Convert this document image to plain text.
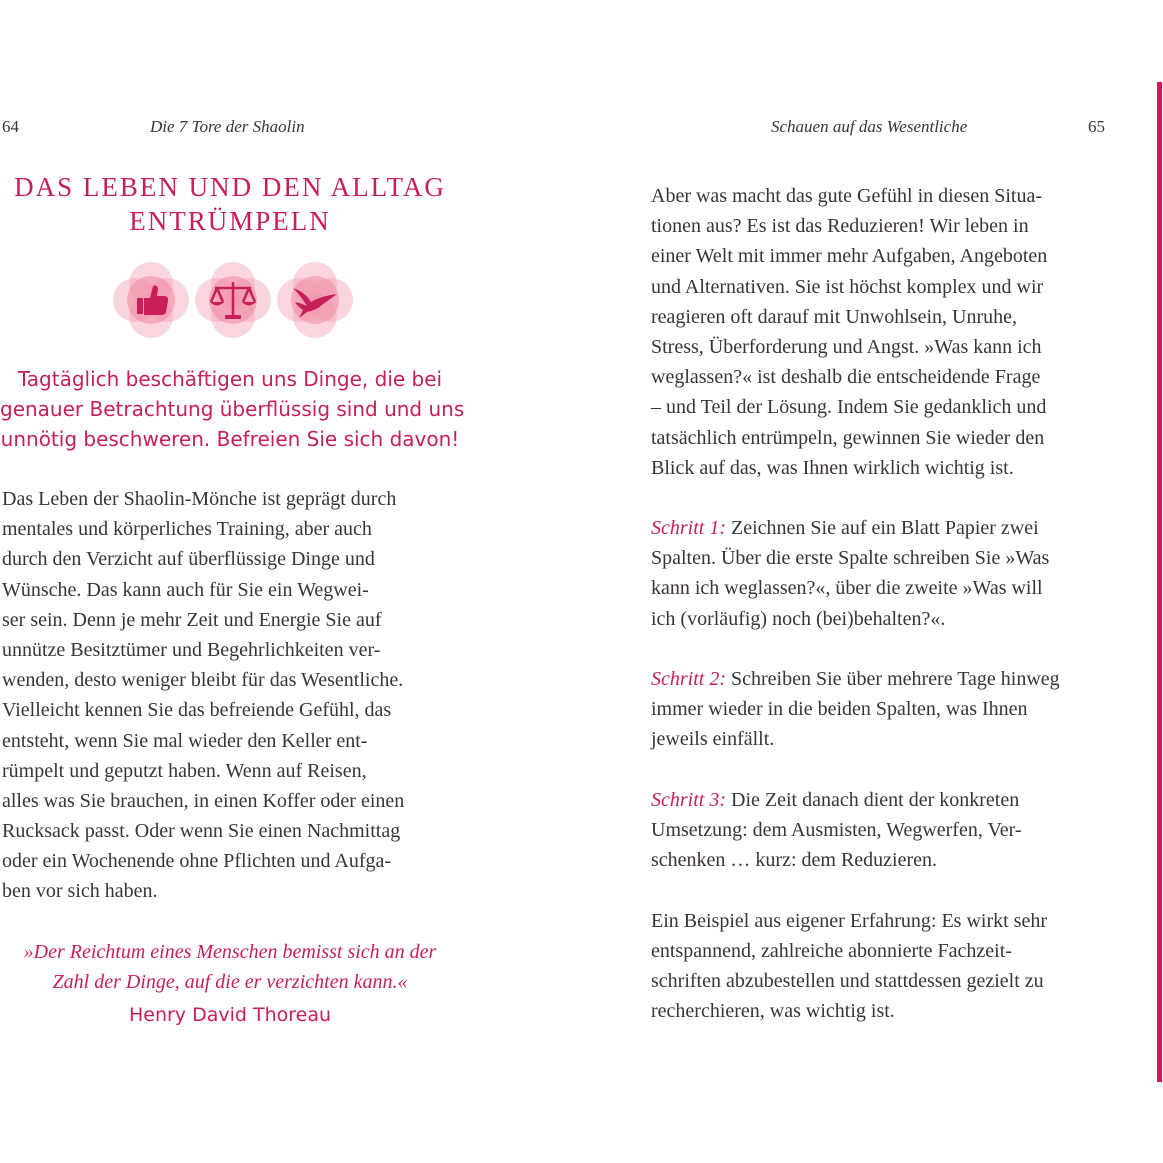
64	Die 7 Tore der Shaolin
DAS LEBEN UND DEN ALLTAG
ENTRÜMPELN
Tagtäglich beschäftigen uns Dinge, die bei
genauer Betrachtung überflüssig sind und uns
unnötig beschweren. Befreien Sie sich davon!
Das Leben der Shaolin-Mönche ist geprägt durch
mentales und körperliches Training, aber auch
durch den Verzicht auf überflüssige Dinge und
Wünsche. Das kann auch für Sie ein Wegwei-
ser sein. Denn je mehr Zeit und Energie Sie auf
unnütze Besitztümer und Begehrlichkeiten ver-
wenden, desto weniger bleibt für das Wesentliche.
Vielleicht kennen Sie das befreiende Gefühl, das
entsteht, wenn Sie mal wieder den Keller ent-
rümpelt und geputzt haben. Wenn auf Reisen,
alles was Sie brauchen, in einen Koffer oder einen
Rucksack passt. Oder wenn Sie einen Nachmittag
oder ein Wochenende ohne Pflichten und Aufga-
ben vor sich haben.
»Der Reichtum eines Menschen bemisst sich an der
Zahl der Dinge, auf die er verzichten kann.«
Henry David Thoreau
Schauen auf das Wesentliche	65
Aber was macht das gute Gefühl in diesen Situa-
tionen aus? Es ist das Reduzieren! Wir leben in
einer Welt mit immer mehr Aufgaben, Angeboten
und Alternativen. Sie ist höchst komplex und wir
reagieren oft darauf mit Unwohlsein, Unruhe,
Stress, Überforderung und Angst. »Was kann ich
weglassen?« ist deshalb die entscheidende Frage
– und Teil der Lösung. Indem Sie gedanklich und
tatsächlich entrümpeln, gewinnen Sie wieder den
Blick auf das, was Ihnen wirklich wichtig ist.
Schritt 1: Zeichnen Sie auf ein Blatt Papier zwei
Spalten. Über die erste Spalte schreiben Sie »Was
kann ich weglassen?«, über die zweite »Was will
ich (vorläufig) noch (bei)behalten?«.
Schritt 2: Schreiben Sie über mehrere Tage hinweg
immer wieder in die beiden Spalten, was Ihnen
jeweils einfällt.
Schritt 3: Die Zeit danach dient der konkreten
Umsetzung: dem Ausmisten, Wegwerfen, Ver-
schenken … kurz: dem Reduzieren.
Ein Beispiel aus eigener Erfahrung: Es wirkt sehr
entspannend, zahlreiche abonnierte Fachzeit-
schriften abzubestellen und stattdessen gezielt zu
recherchieren, was wichtig ist.
